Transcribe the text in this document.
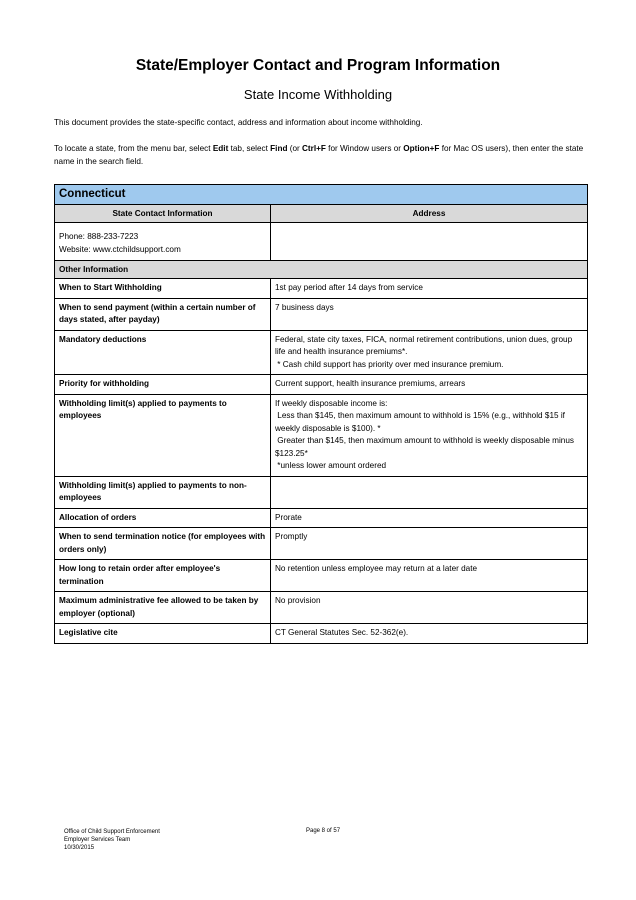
State/Employer Contact and Program Information
State Income Withholding
This document provides the state-specific contact, address and information about income withholding.
To locate a state, from the menu bar, select Edit tab, select Find (or Ctrl+F for Window users or Option+F for Mac OS users), then enter the state name in the search field.
Connecticut	
State Contact Information	Address

Phone: 888-233-7223
Website: www.ctchildsupport.com	

Other Information	
When to Start Withholding	1st pay period after 14 days from service

When to send payment (within a certain number of days stated, after payday)	7 business days

Mandatory deductions	Federal, state city taxes, FICA, normal retirement contributions, union dues, group life and health insurance premiums*.
* Cash child support has priority over med insurance premium.

Priority for withholding	Current support, health insurance premiums, arrears

Withholding limit(s) applied to payments to employees	If weekly disposable income is:
Less than $145, then maximum amount to withhold is 15% (e.g., withhold $15 if weekly disposable is $100). *
Greater than $145, then maximum amount to withhold is weekly disposable minus $123.25*
*unless lower amount ordered

Withholding limit(s) applied to payments to non-employees	

Allocation of orders	Prorate

When to send termination notice (for employees with orders only)	Promptly

How long to retain order after employee's termination	No retention unless employee may return at a later date

Maximum administrative fee allowed to be taken by employer (optional)	No provision

Legislative cite	CT General Statutes Sec. 52-362(e).
Office of Child Support Enforcement
Employer Services Team
10/30/2015
Page 8 of 57
